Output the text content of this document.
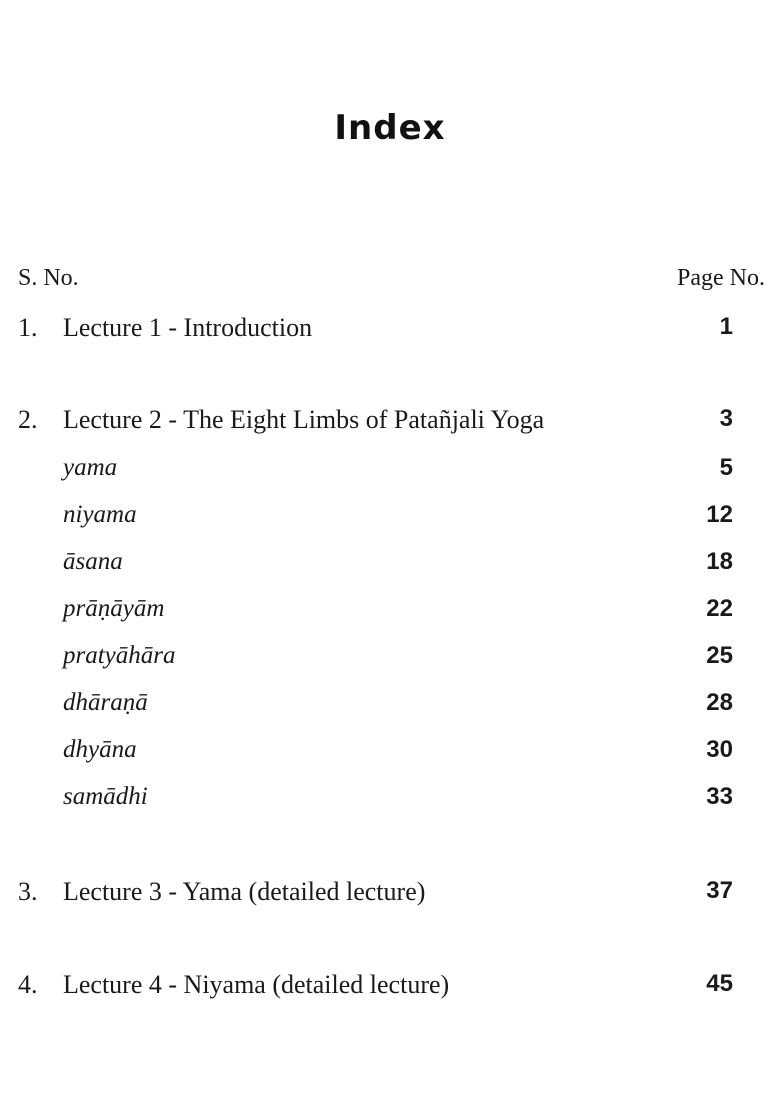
Index
S. No.	Page No.
1. Lecture 1 - Introduction	1
2. Lecture 2 - The Eight Limbs of Patañjali Yoga	3
yama	5
niyama	12
āsana	18
prāṇāyām	22
pratyāhāra	25
dhāraṇā	28
dhyāna	30
samādhi	33
3. Lecture 3 - Yama (detailed lecture)	37
4. Lecture 4 - Niyama (detailed lecture)	45
